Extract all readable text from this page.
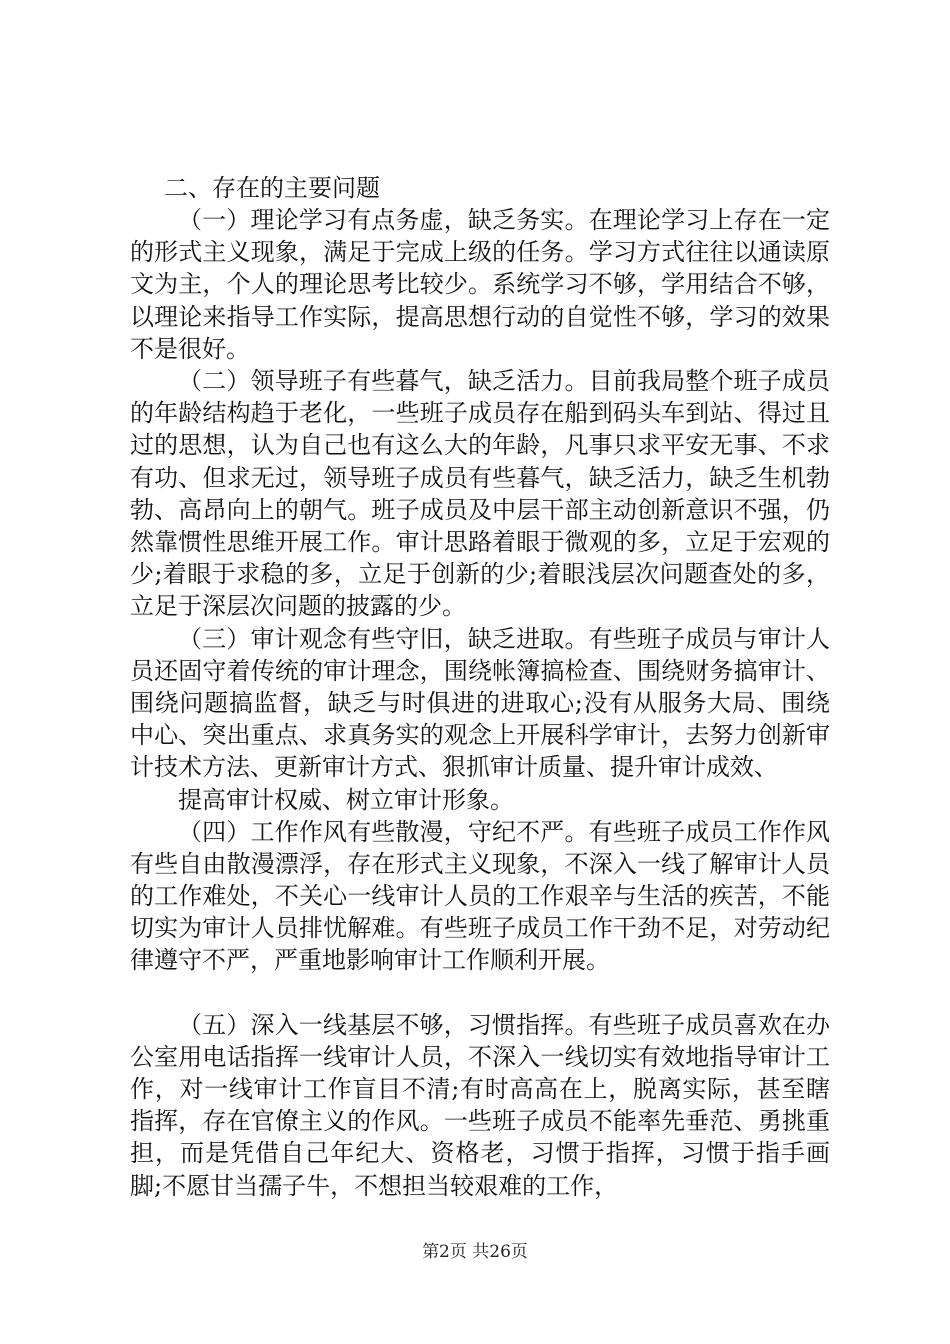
二、存在的主要问题

（一）理论学习有点务虚，缺乏务实。在理论学习上存在一定的形式主义现象，满足于完成上级的任务。学习方式往往以通读原文为主，个人的理论思考比较少。系统学习不够，学用结合不够，以理论来指导工作实际，提高思想行动的自觉性不够，学习的效果不是很好。

（二）领导班子有些暮气，缺乏活力。目前我局整个班子成员的年龄结构趋于老化，一些班子成员存在船到码头车到站、得过且过的思想，认为自己也有这么大的年龄，凡事只求平安无事、不求有功、但求无过，领导班子成员有些暮气，缺乏活力，缺乏生机勃勃、高昂向上的朝气。班子成员及中层干部主动创新意识不强，仍然靠惯性思维开展工作。审计思路着眼于微观的多，立足于宏观的少;着眼于求稳的多，立足于创新的少;着眼浅层次问题查处的多，立足于深层次问题的披露的少。

（三）审计观念有些守旧，缺乏进取。有些班子成员与审计人员还固守着传统的审计理念，围绕帐簿搞检查、围绕财务搞审计、围绕问题搞监督，缺乏与时俱进的进取心;没有从服务大局、围绕中心、突出重点、求真务实的观念上开展科学审计，去努力创新审计技术方法、更新审计方式、狠抓审计质量、提升审计成效、

提高审计权威、树立审计形象。

（四）工作作风有些散漫，守纪不严。有些班子成员工作作风有些自由散漫漂浮，存在形式主义现象，不深入一线了解审计人员的工作难处，不关心一线审计人员的工作艰辛与生活的疾苦，不能切实为审计人员排忧解难。有些班子成员工作干劲不足，对劳动纪律遵守不严，严重地影响审计工作顺利开展。

（五）深入一线基层不够，习惯指挥。有些班子成员喜欢在办公室用电话指挥一线审计人员，不深入一线切实有效地指导审计工作，对一线审计工作盲目不清;有时高高在上，脱离实际，甚至瞎指挥，存在官僚主义的作风。一些班子成员不能率先垂范、勇挑重担，而是凭借自己年纪大、资格老，习惯于指挥，习惯于指手画脚;不愿甘当孺子牛，不想担当较艰难的工作，

第2页 共26页
